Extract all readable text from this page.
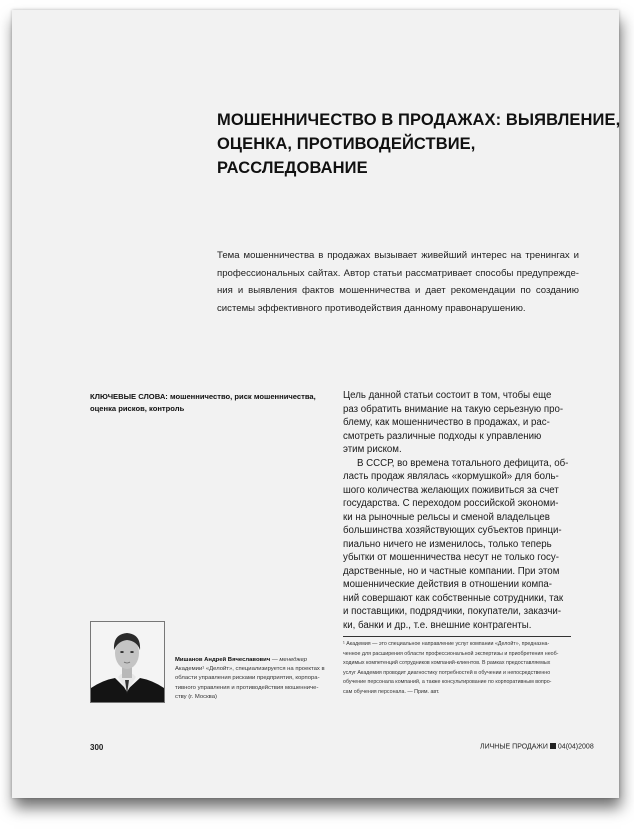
МОШЕННИЧЕСТВО В ПРОДАЖАХ: ВЫЯВЛЕНИЕ,
ОЦЕНКА, ПРОТИВОДЕЙСТВИЕ,
РАССЛЕДОВАНИЕ
Тема мошенничества в продажах вызывает живейший интерес на тренингах и
профессиональных сайтах. Автор статьи рассматривает способы предупрежде-
ния и выявления фактов мошенничества и дает рекомендации по созданию
системы эффективного противодействия данному правонарушению.
КЛЮЧЕВЫЕ СЛОВА: мошенничество, риск мошенничества,
оценка рисков, контроль
Цель данной статьи состоит в том, чтобы еще
раз обратить внимание на такую серьезную про-
блему, как мошенничество в продажах, и рас-
смотреть различные подходы к управлению
этим риском.
В СССР, во времена тотального дефицита, об-
ласть продаж являлась «кормушкой» для боль-
шого количества желающих поживиться за счет
государства. С переходом российской экономи-
ки на рыночные рельсы и сменой владельцев
большинства хозяйствующих субъектов принци-
пиально ничего не изменилось, только теперь
убытки от мошенничества несут не только госу-
дарственные, но и частные компании. При этом
мошеннические действия в отношении компа-
ний совершают как собственные сотрудники, так
и поставщики, подрядчики, покупатели, заказчи-
ки, банки и др., т.е. внешние контрагенты.
¹ Академия — это специальное направление услуг компании «Делойт», предназна-
ченное для расширения области профессиональной экспертизы и приобретения необ-
ходимых компетенций сотрудников компаний-клиентов. В рамках предоставляемых
услуг Академия проводит диагностику потребностей в обучении и непосредственно
обучение персонала компаний, а также консультирование по корпоративным вопро-
сам обучения персонала. — Прим. авт.
Мишанов Андрей Вячеславович — менеджер
Академии¹ «Делойт», специализируется на проектах в
области управления рисками предприятия, корпора-
тивного управления и противодействия мошенниче-
ству (г. Москва)
300	ЛИЧНЫЕ ПРОДАЖИ 04(04)2008
